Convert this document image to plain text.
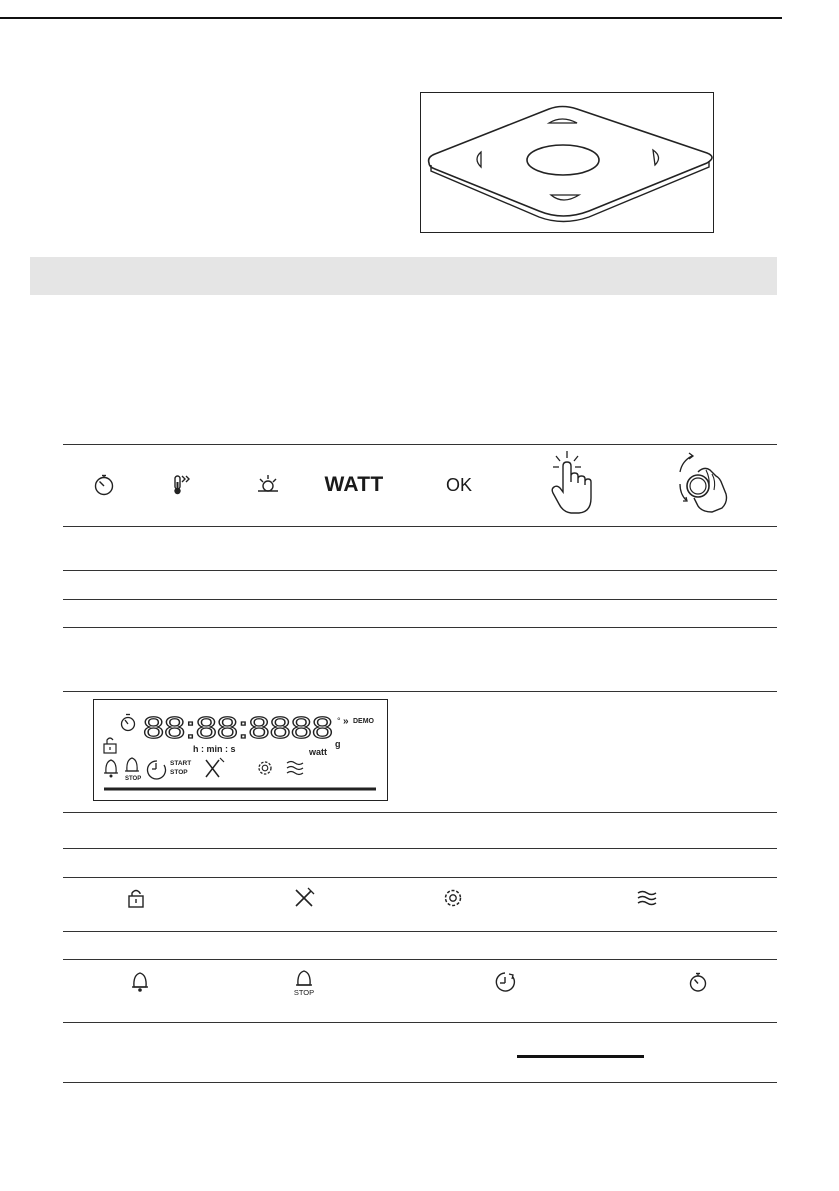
WATT	OK
88:88:8888 ° » DEMO
h : min : s	watt
g
STOP
START
STOP
STOP
